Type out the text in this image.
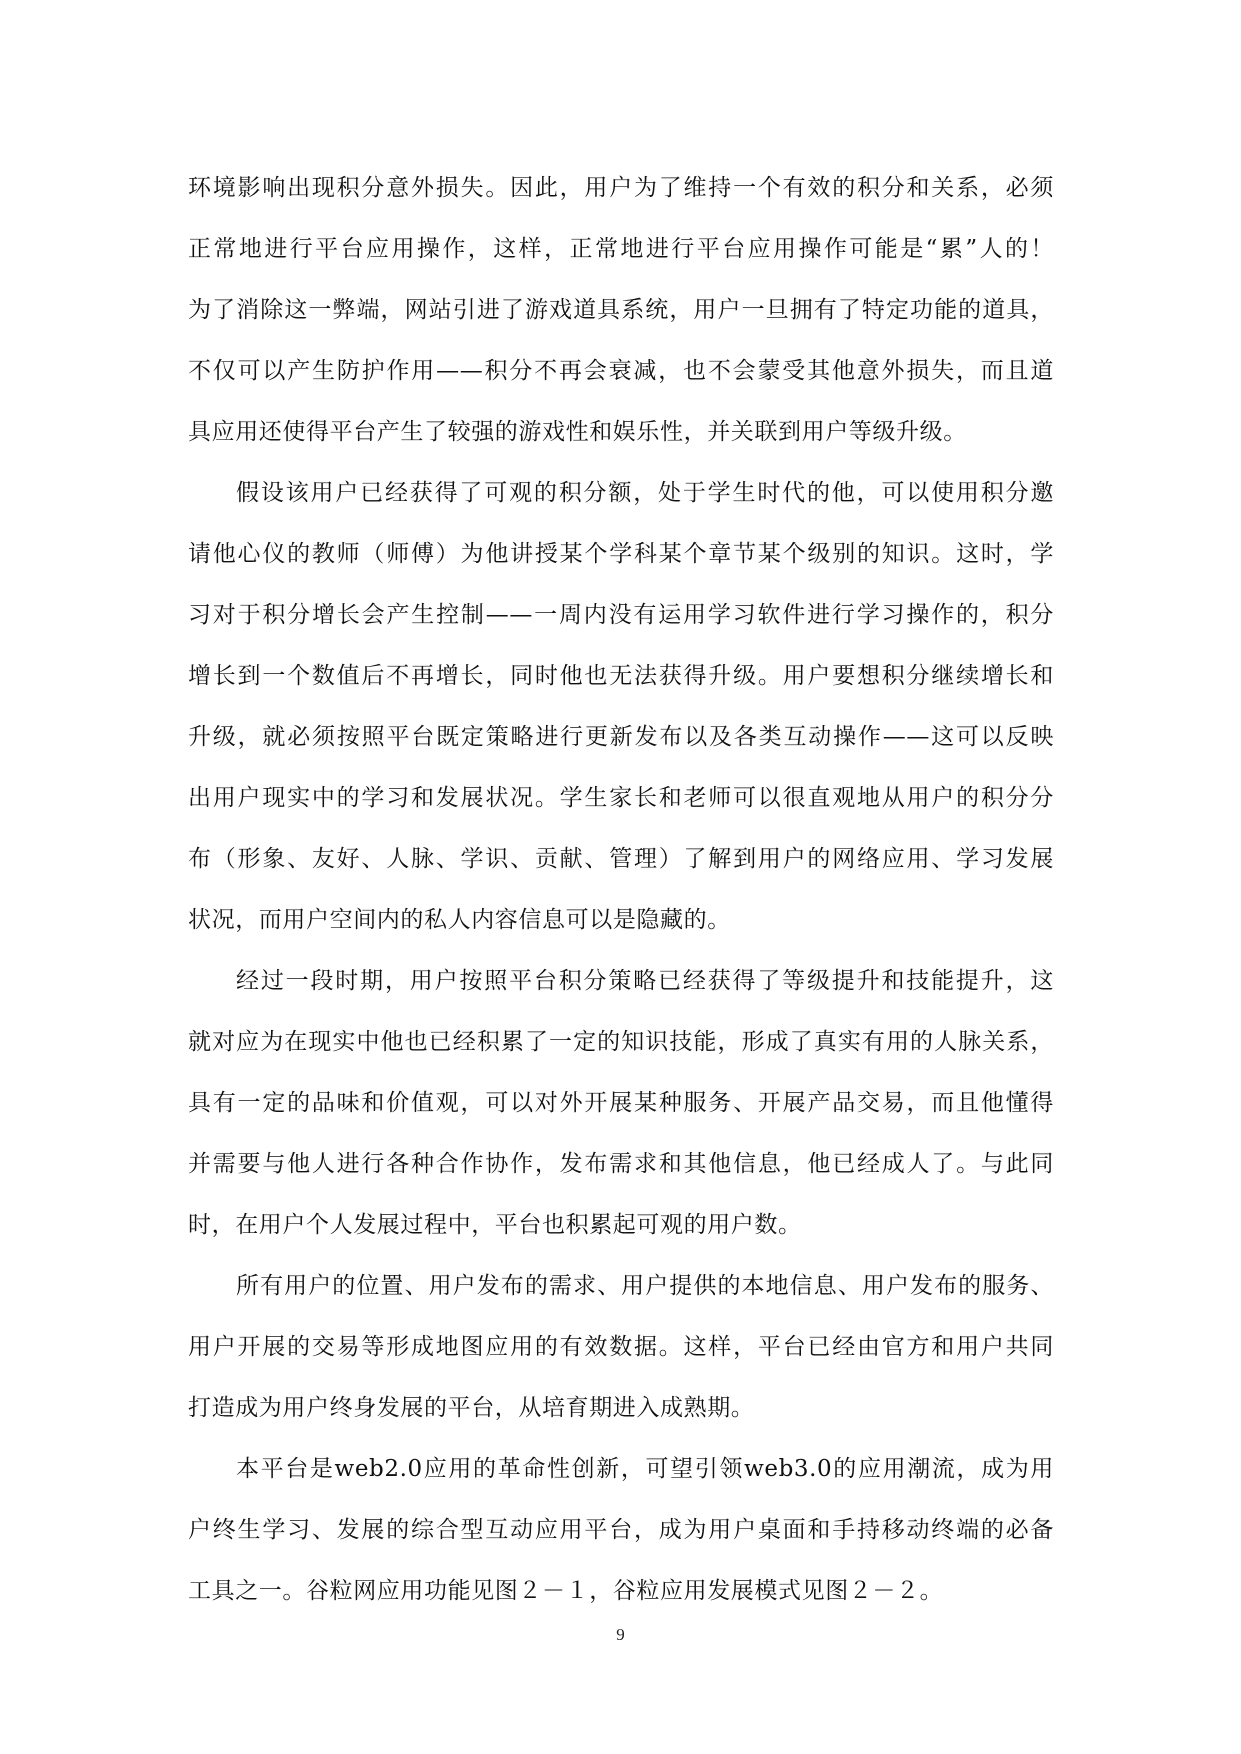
环境影响出现积分意外损失。因此，用户为了维持一个有效的积分和关系，必须
正常地进行平台应用操作，这样，正常地进行平台应用操作可能是“累”人的！
为了消除这一弊端，网站引进了游戏道具系统，用户一旦拥有了特定功能的道具，
不仅可以产生防护作用——积分不再会衰减，也不会蒙受其他意外损失，而且道
具应用还使得平台产生了较强的游戏性和娱乐性，并关联到用户等级升级。
假设该用户已经获得了可观的积分额，处于学生时代的他，可以使用积分邀
请他心仪的教师（师傅）为他讲授某个学科某个章节某个级别的知识。这时，学
习对于积分增长会产生控制——一周内没有运用学习软件进行学习操作的，积分
增长到一个数值后不再增长，同时他也无法获得升级。用户要想积分继续增长和
升级，就必须按照平台既定策略进行更新发布以及各类互动操作——这可以反映
出用户现实中的学习和发展状况。学生家长和老师可以很直观地从用户的积分分
布（形象、友好、人脉、学识、贡献、管理）了解到用户的网络应用、学习发展
状况，而用户空间内的私人内容信息可以是隐藏的。
经过一段时期，用户按照平台积分策略已经获得了等级提升和技能提升，这
就对应为在现实中他也已经积累了一定的知识技能，形成了真实有用的人脉关系，
具有一定的品味和价值观，可以对外开展某种服务、开展产品交易，而且他懂得
并需要与他人进行各种合作协作，发布需求和其他信息，他已经成人了。与此同
时，在用户个人发展过程中，平台也积累起可观的用户数。
所有用户的位置、用户发布的需求、用户提供的本地信息、用户发布的服务、
用户开展的交易等形成地图应用的有效数据。这样，平台已经由官方和用户共同
打造成为用户终身发展的平台，从培育期进入成熟期。
本平台是web2.0应用的革命性创新，可望引领web3.0的应用潮流，成为用
户终生学习、发展的综合型互动应用平台，成为用户桌面和手持移动终端的必备
工具之一。谷粒网应用功能见图２－１，谷粒应用发展模式见图２－２。
9
